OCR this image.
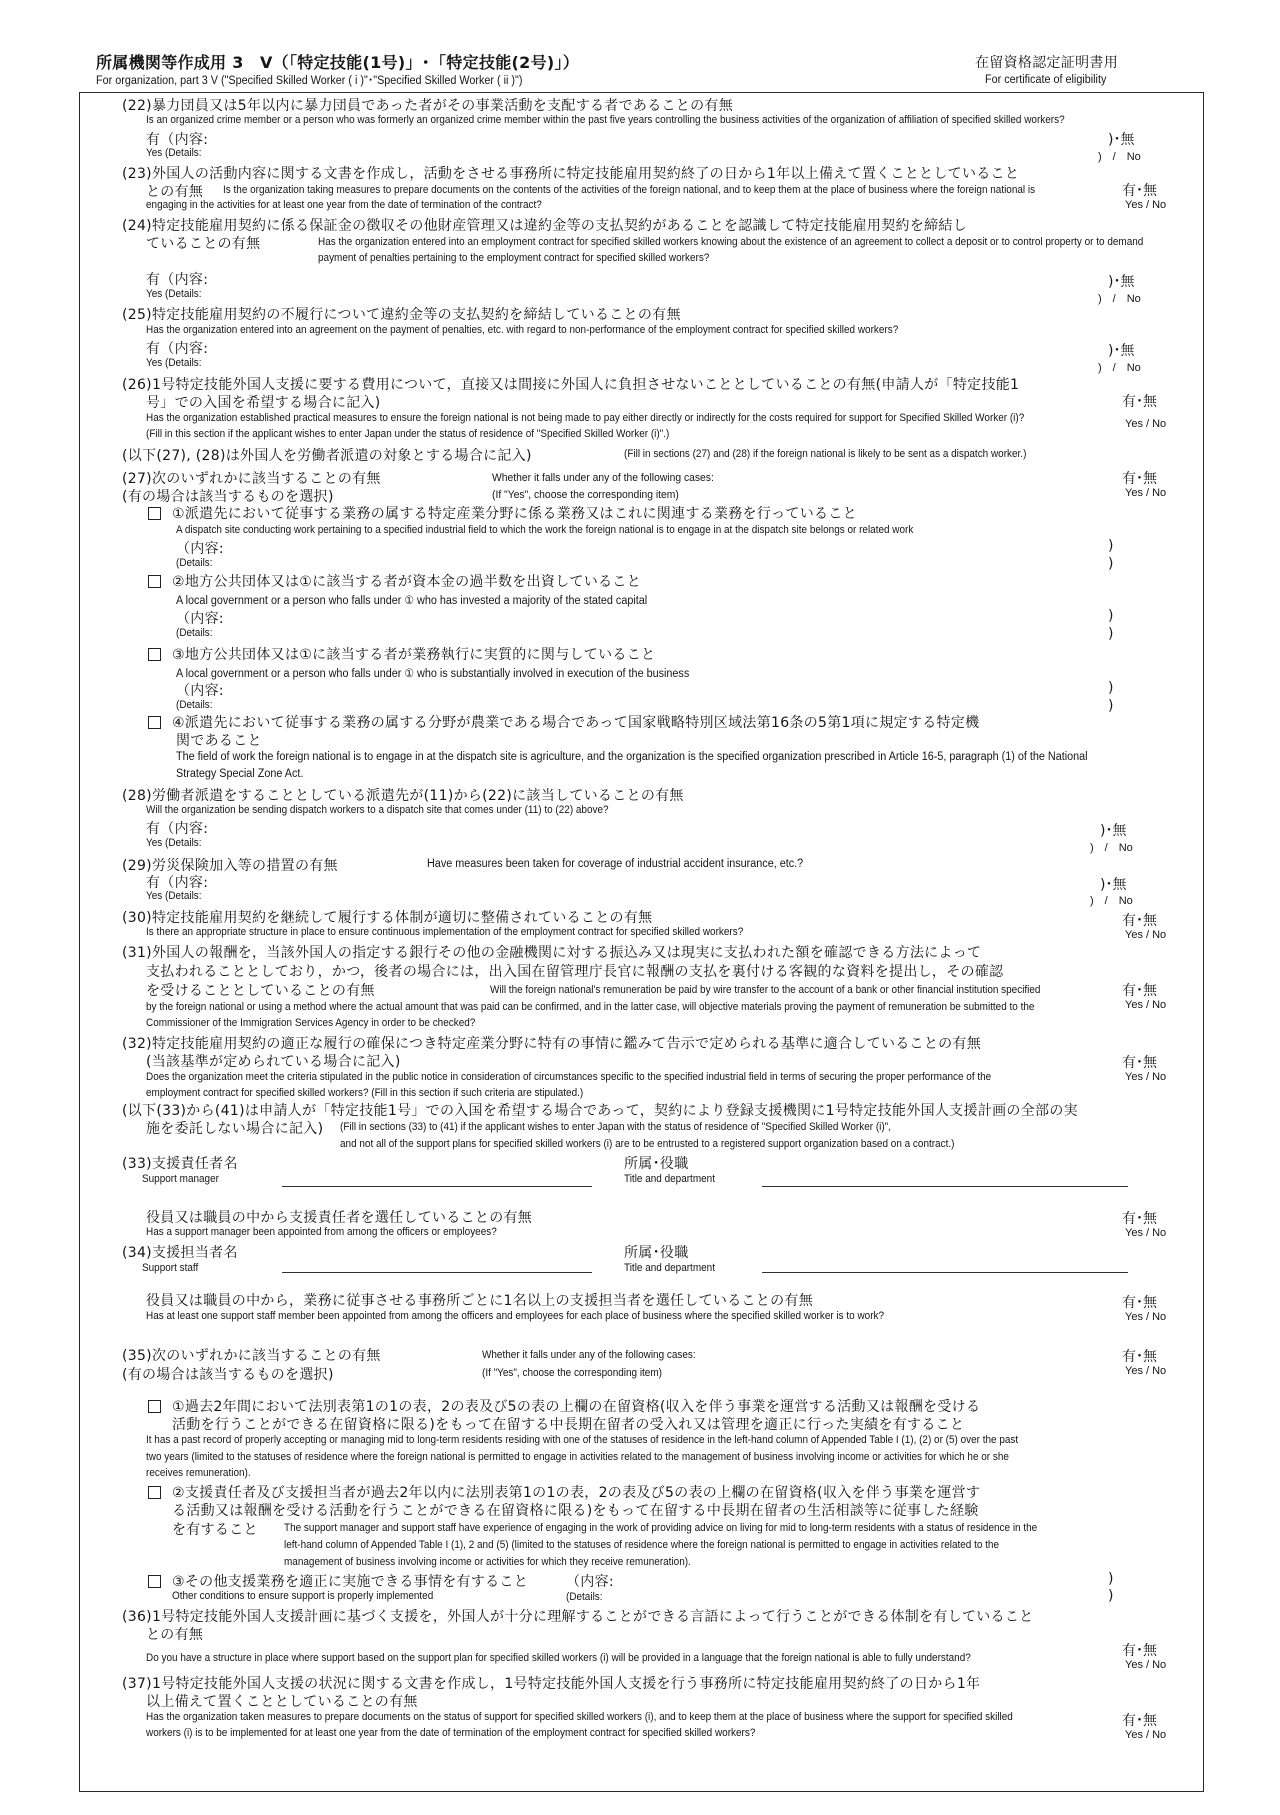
所属機関等作成用 3　V（「特定技能(1号)」･「特定技能(2号)」）
For organization, part 3 V ("Specified Skilled Worker ( i )"･"Specified Skilled Worker ( ii )")
在留資格認定証明書用
For certificate of eligibility
(22)暴力団員又は5年以内に暴力団員であった者がその事業活動を支配する者であることの有無
Is an organized crime member or a person who was formerly an organized crime member within the past five years controlling the business activities of the organization of affiliation of specified skilled workers?
有（内容:
Yes (Details:
)･無
)　/　No
(23)外国人の活動内容に関する文書を作成し，活動をさせる事務所に特定技能雇用契約終了の日から1年以上備えて置くこととしていること
との有無 Is the organization taking measures to prepare documents on the contents of the activities of the foreign national, and to keep them at the place of business where the foreign national is
engaging in the activities for at least one year from the date of termination of the contract?
有･無
Yes / No
(24)特定技能雇用契約に係る保証金の徴収その他財産管理又は違約金等の支払契約があることを認識して特定技能雇用契約を締結し
ていることの有無	Has the organization entered into an employment contract for specified skilled workers knowing about the existence of an agreement to collect a deposit or to control property or to demand
payment of penalties pertaining to the employment contract for specified skilled workers?
有（内容:
Yes (Details:
)･無
)　/　No
(25)特定技能雇用契約の不履行について違約金等の支払契約を締結していることの有無
Has the organization entered into an agreement on the payment of penalties, etc. with regard to non-performance of the employment contract for specified skilled workers?
有（内容:
Yes (Details:
)･無
)　/　No
(26)1号特定技能外国人支援に要する費用について，直接又は間接に外国人に負担させないこととしていることの有無(申請人が「特定技能1
号」での入国を希望する場合に記入)
Has the organization established practical measures to ensure the foreign national is not being made to pay either directly or indirectly for the costs required for support for Specified Skilled Worker (i)?
(Fill in this section if the applicant wishes to enter Japan under the status of residence of "Specified Skilled Worker (i)".)
有･無
Yes / No
(以下(27), (28)は外国人を労働者派遣の対象とする場合に記入)	(Fill in sections (27) and (28) if the foreign national is likely to be sent as a dispatch worker.)
(27)次のいずれかに該当することの有無
(有の場合は該当するものを選択)
Whether it falls under any of the following cases:
(If "Yes", choose the corresponding item)
有･無
Yes / No
①派遣先において従事する業務の属する特定産業分野に係る業務又はこれに関連する業務を行っていること
A dispatch site conducting work pertaining to a specified industrial field to which the work the foreign national is to engage in at the dispatch site belongs or related work
（内容:
(Details:
)
)
②地方公共団体又は①に該当する者が資本金の過半数を出資していること
A local government or a person who falls under ① who has invested a majority of the stated capital
（内容:
(Details:
)
)
③地方公共団体又は①に該当する者が業務執行に実質的に関与していること
A local government or a person who falls under ① who is substantially involved in execution of the business
（内容:
(Details:
)
)
④派遣先において従事する業務の属する分野が農業である場合であって国家戦略特別区域法第16条の5第1項に規定する特定機
関であること
The field of work the foreign national is to engage in at the dispatch site is agriculture, and the organization is the specified organization prescribed in Article 16-5, paragraph (1) of the National
Strategy Special Zone Act.
(28)労働者派遣をすることとしている派遣先が(11)から(22)に該当していることの有無
Will the organization be sending dispatch workers to a dispatch site that comes under (11) to (22) above?
有（内容:
Yes (Details:
)･無
)　/　No
(29)労災保険加入等の措置の有無	Have measures been taken for coverage of industrial accident insurance, etc.?
有（内容:
Yes (Details:
)･無
)　/　No
(30)特定技能雇用契約を継続して履行する体制が適切に整備されていることの有無
Is there an appropriate structure in place to ensure continuous implementation of the employment contract for specified skilled workers?
有･無
Yes / No
(31)外国人の報酬を，当該外国人の指定する銀行その他の金融機関に対する振込み又は現実に支払われた額を確認できる方法によって
支払われることとしており，かつ，後者の場合には，出入国在留管理庁長官に報酬の支払を裏付ける客観的な資料を提出し，その確認
を受けることとしていることの有無	Will the foreign national's remuneration be paid by wire transfer to the account of a bank or other financial institution specified
by the foreign national or using a method where the actual amount that was paid can be confirmed, and in the latter case, will objective materials proving the payment of remuneration be submitted to the
Commissioner of the Immigration Services Agency in order to be checked?
有･無
Yes / No
(32)特定技能雇用契約の適正な履行の確保につき特定産業分野に特有の事情に鑑みて告示で定められる基準に適合していることの有無
(当該基準が定められている場合に記入)
Does the organization meet the criteria stipulated in the public notice in consideration of circumstances specific to the specified industrial field in terms of securing the proper performance of the
employment contract for specified skilled workers? (Fill in this section if such criteria are stipulated.)
有･無
Yes / No
(以下(33)から(41)は申請人が「特定技能1号」での入国を希望する場合であって，契約により登録支援機関に1号特定技能外国人支援計画の全部の実
施を委託しない場合に記入) (Fill in sections (33) to (41) if the applicant wishes to enter Japan with the status of residence of "Specified Skilled Worker (i)",
and not all of the support plans for specified skilled workers (i) are to be entrusted to a registered support organization based on a contract.)
(33)支援責任者名
Support manager
所属･役職
Title and department
役員又は職員の中から支援責任者を選任していることの有無
Has a support manager been appointed from among the officers or employees?
有･無
Yes / No
(34)支援担当者名
Support staff
所属･役職
Title and department
役員又は職員の中から，業務に従事させる事務所ごとに1名以上の支援担当者を選任していることの有無
Has at least one support staff member been appointed from among the officers and employees for each place of business where the specified skilled worker is to work?
有･無
Yes / No
(35)次のいずれかに該当することの有無
(有の場合は該当するものを選択)
Whether it falls under any of the following cases:
(If "Yes", choose the corresponding item)
有･無
Yes / No
①過去2年間において法別表第1の1の表，2の表及び5の表の上欄の在留資格(収入を伴う事業を運営する活動又は報酬を受ける
活動を行うことができる在留資格に限る)をもって在留する中長期在留者の受入れ又は管理を適正に行った実績を有すること
It has a past record of properly accepting or managing mid to long-term residents residing with one of the statuses of residence in the left-hand column of Appended Table I (1), (2) or (5) over the past
two years (limited to the statuses of residence where the foreign national is permitted to engage in activities related to the management of business involving income or activities for which he or she
receives remuneration).
②支援責任者及び支援担当者が過去2年以内に法別表第1の1の表，2の表及び5の表の上欄の在留資格(収入を伴う事業を運営す
る活動又は報酬を受ける活動を行うことができる在留資格に限る)をもって在留する中長期在留者の生活相談等に従事した経験
を有すること The support manager and support staff have experience of engaging in the work of providing advice on living for mid to long-term residents with a status of residence in the
left-hand column of Appended Table I (1), 2 and (5) (limited to the statuses of residence where the foreign national is permitted to engage in activities related to the
management of business involving income or activities for which they receive remuneration).
③その他支援業務を適正に実施できる事情を有すること	（内容:
Other conditions to ensure support is properly implemented	(Details:
)
)
(36)1号特定技能外国人支援計画に基づく支援を，外国人が十分に理解することができる言語によって行うことができる体制を有していること
との有無
Do you have a structure in place where support based on the support plan for specified skilled workers (i) will be provided in a language that the foreign national is able to fully understand?	有･無
Yes / No
(37)1号特定技能外国人支援の状況に関する文書を作成し，1号特定技能外国人支援を行う事務所に特定技能雇用契約終了の日から1年
以上備えて置くこととしていることの有無
Has the organization taken measures to prepare documents on the status of support for specified skilled workers (i), and to keep them at the place of business where the support for specified skilled
workers (i) is to be implemented for at least one year from the date of termination of the employment contract for specified skilled workers?
有･無
Yes / No
